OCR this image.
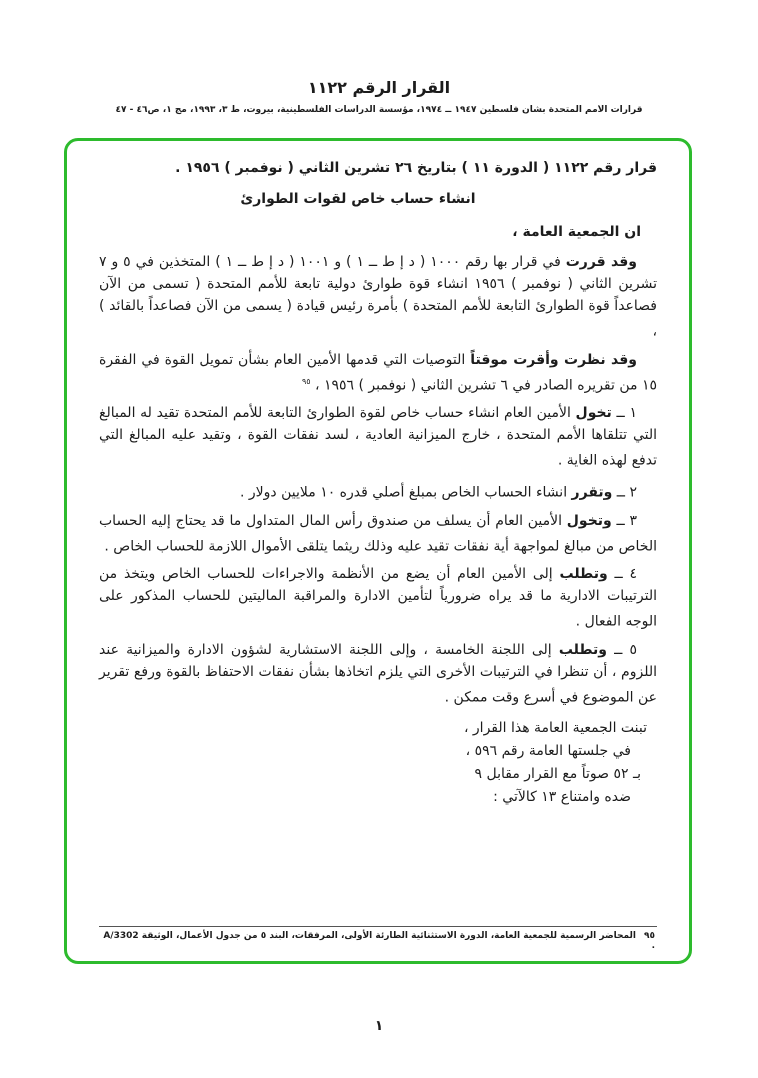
القرار الرقم ١١٢٢
قرارات الأمم المتحدة بشأن فلسطين ١٩٤٧ ــ ١٩٧٤، مؤسسة الدراسات الفلسطينية، بيروت، ط ٣، ١٩٩٣، مج ١، ص٤٦ - ٤٧

قرار رقم ١١٢٢ ( الدورة ١١ ) بتاريخ ٢٦ تشرين الثاني ( نوفمبر ) ١٩٥٦ .

انشاء حساب خاص لقوات الطوارئ

ان الجمعية العامة ،

وقد قررت في قرار بها رقم ١٠٠٠ ( د إ ط ــ ١ ) و ١٠٠١ ( د إ ط ــ ١ ) المتخذين في ٥ و ٧ تشرين الثاني ( نوفمبر ) ١٩٥٦ انشاء قوة طوارئ دولية تابعة للأمم المتحدة ( تسمى من الآن فصاعداً قوة الطوارئ التابعة للأمم المتحدة ) بأمرة رئيس قيادة ( يسمى من الآن فصاعداً بالقائد ) ،

وقد نظرت وأقرت موقتاً التوصيات التي قدمها الأمين العام بشأن تمويل القوة في الفقرة ١٥ من تقريره الصادر في ٦ تشرين الثاني ( نوفمبر ) ١٩٥٦ ، $^{٩٥}$

١ ــ تخول الأمين العام انشاء حساب خاص لقوة الطوارئ التابعة للأمم المتحدة تقيد له المبالغ التي تتلقاها الأمم المتحدة ، خارج الميزانية العادية ، لسد نفقات القوة ، وتقيد عليه المبالغ التي تدفع لهذه الغاية .

٢ ــ وتقرر انشاء الحساب الخاص بمبلغ أصلي قدره ١٠ ملايين دولار .

٣ ــ وتخول الأمين العام أن يسلف من صندوق رأس المال المتداول ما قد يحتاج إليه الحساب الخاص من مبالغ لمواجهة أية نفقات تقيد عليه وذلك ريثما يتلقى الأموال اللازمة للحساب الخاص .

٤ ــ وتطلب إلى الأمين العام أن يضع من الأنظمة والاجراءات للحساب الخاص ويتخذ من الترتيبات الادارية ما قد يراه ضرورياً لتأمين الادارة والمراقبة الماليتين للحساب المذكور على الوجه الفعال .

٥ ــ وتطلب إلى اللجنة الخامسة ، وإلى اللجنة الاستشارية لشؤون الادارة والميزانية عند اللزوم ، أن تنظرا في الترتيبات الأخرى التي يلزم اتخاذها بشأن نفقات الاحتفاظ بالقوة ورفع تقرير عن الموضوع في أسرع وقت ممكن .

تبنت الجمعية العامة هذا القرار ،
في جلستها العامة رقم ٥٩٦ ،
بـ ٥٢ صوتاً مع القرار مقابل ٩
ضده وامتناع ١٣ كالآتي :
٩٥المحاضر الرسمية للجمعية العامة، الدورة الاستثنائية الطارئة الأولى، المرفقات، البند ٥ من جدول الأعمال، الوثيقة A/3302 .
١
